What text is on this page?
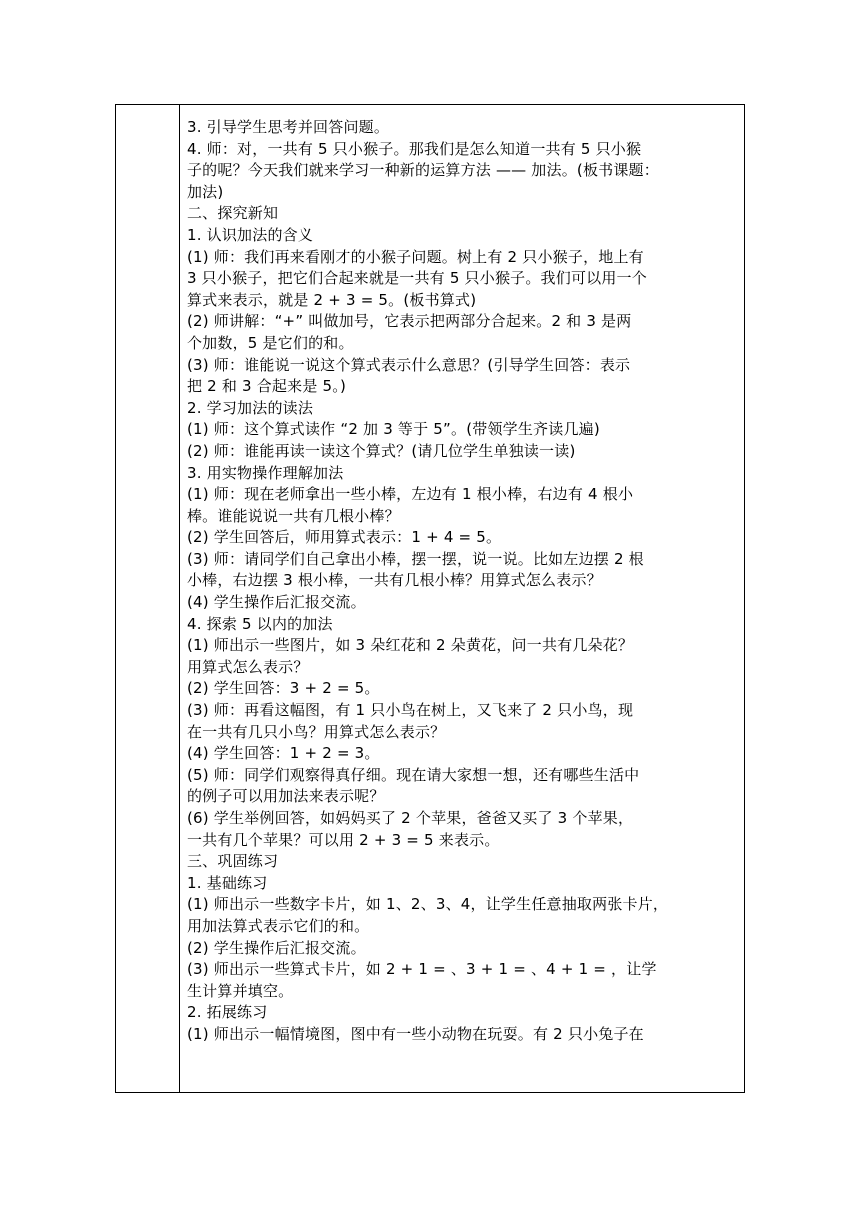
3. 引导学生思考并回答问题。
4. 师：对，一共有 5 只小猴子。那我们是怎么知道一共有 5 只小猴
子的呢？今天我们就来学习一种新的运算方法 —— 加法。(板书课题：
加法)
二、探究新知
1. 认识加法的含义
(1) 师：我们再来看刚才的小猴子问题。树上有 2 只小猴子，地上有
3 只小猴子，把它们合起来就是一共有 5 只小猴子。我们可以用一个
算式来表示，就是 2 + 3 = 5。(板书算式)
(2) 师讲解：“+” 叫做加号，它表示把两部分合起来。2 和 3 是两
个加数，5 是它们的和。
(3) 师：谁能说一说这个算式表示什么意思？(引导学生回答：表示
把 2 和 3 合起来是 5。)
2. 学习加法的读法
(1) 师：这个算式读作 “2 加 3 等于 5”。(带领学生齐读几遍)
(2) 师：谁能再读一读这个算式？(请几位学生单独读一读)
3. 用实物操作理解加法
(1) 师：现在老师拿出一些小棒，左边有 1 根小棒，右边有 4 根小
棒。谁能说说一共有几根小棒？
(2) 学生回答后，师用算式表示：1 + 4 = 5。
(3) 师：请同学们自己拿出小棒，摆一摆，说一说。比如左边摆 2 根
小棒，右边摆 3 根小棒，一共有几根小棒？用算式怎么表示？
(4) 学生操作后汇报交流。
4. 探索 5 以内的加法
(1) 师出示一些图片，如 3 朵红花和 2 朵黄花，问一共有几朵花？
用算式怎么表示？
(2) 学生回答：3 + 2 = 5。
(3) 师：再看这幅图，有 1 只小鸟在树上，又飞来了 2 只小鸟，现
在一共有几只小鸟？用算式怎么表示？
(4) 学生回答：1 + 2 = 3。
(5) 师：同学们观察得真仔细。现在请大家想一想，还有哪些生活中
的例子可以用加法来表示呢？
(6) 学生举例回答，如妈妈买了 2 个苹果，爸爸又买了 3 个苹果，
一共有几个苹果？可以用 2 + 3 = 5 来表示。
三、巩固练习
1. 基础练习
(1) 师出示一些数字卡片，如 1、2、3、4，让学生任意抽取两张卡片，
用加法算式表示它们的和。
(2) 学生操作后汇报交流。
(3) 师出示一些算式卡片，如 2 + 1 = 、3 + 1 = 、4 + 1 = ，让学
生计算并填空。
2. 拓展练习
(1) 师出示一幅情境图，图中有一些小动物在玩耍。有 2 只小兔子在
